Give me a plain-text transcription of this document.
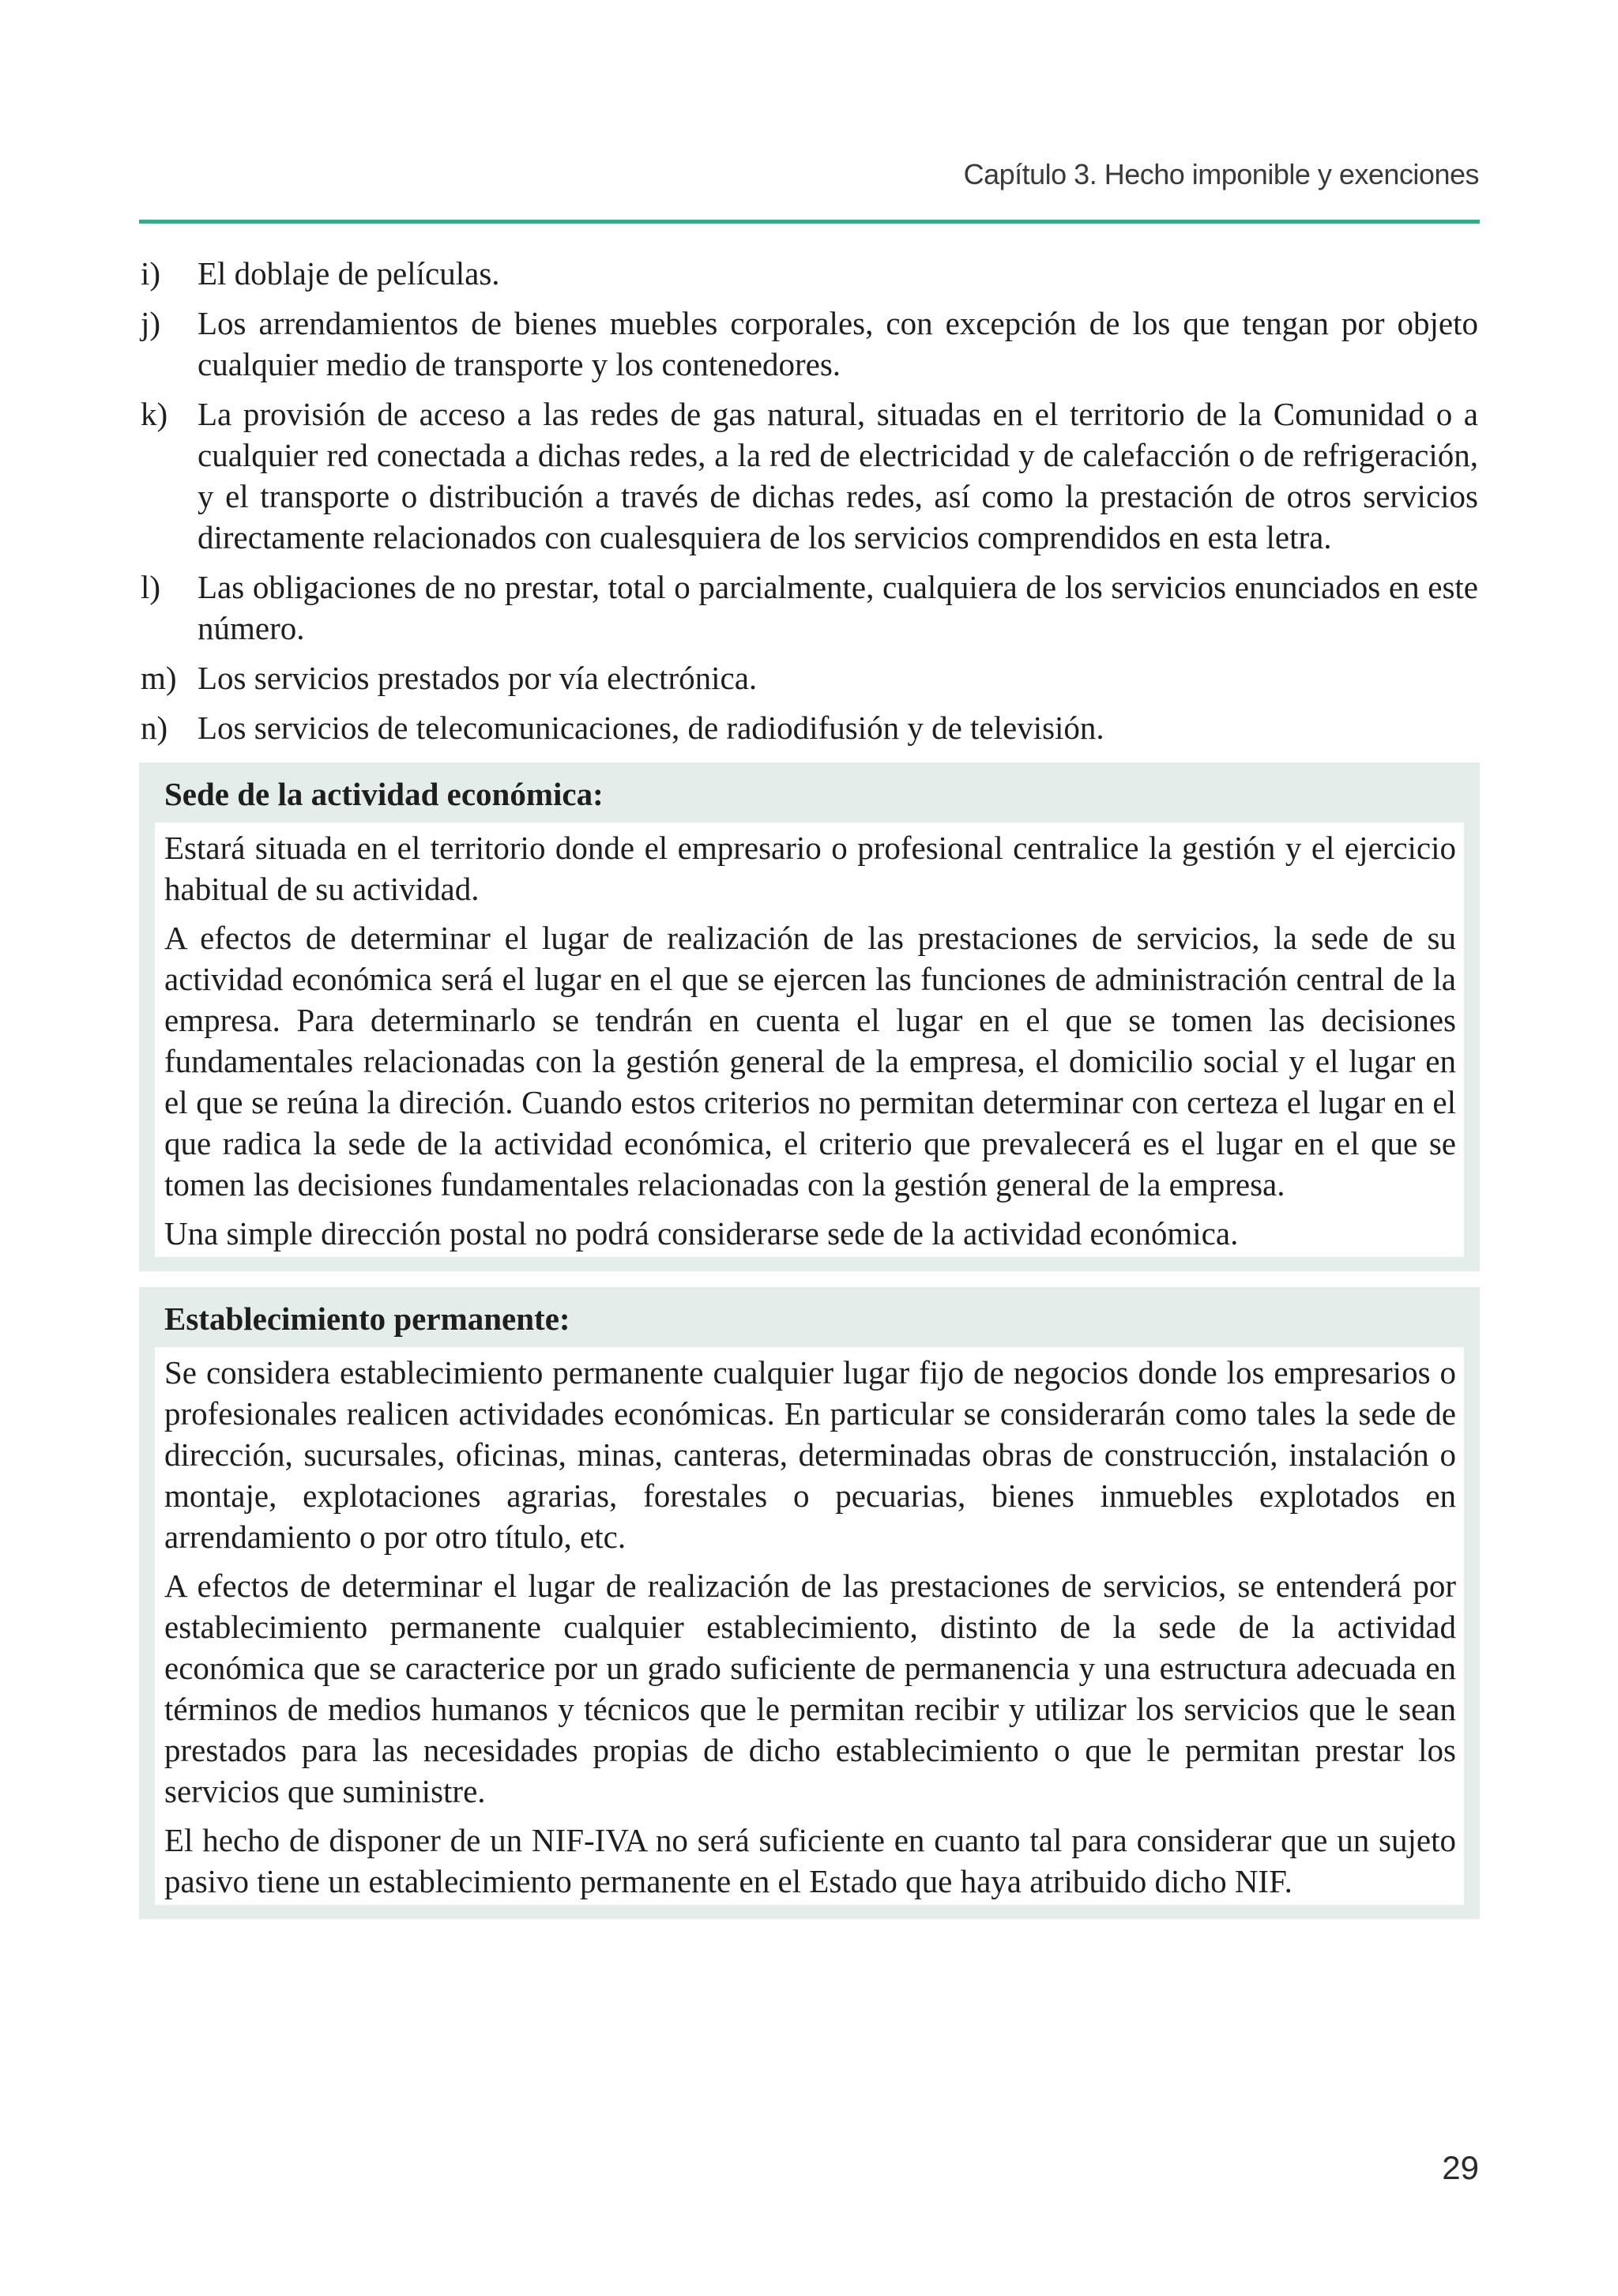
Capítulo 3. Hecho imponible y exenciones
i)	El doblaje de películas.
j)	Los arrendamientos de bienes muebles corporales, con excepción de los que tengan por objeto cualquier medio de transporte y los contenedores.
k) La provisión de acceso a las redes de gas natural, situadas en el territorio de la Comunidad o a cualquier red conectada a dichas redes, a la red de electricidad y de calefacción o de refrigeración, y el transporte o distribución a través de dichas redes, así como la prestación de otros servicios directamente relacionados con cualesquiera de los servicios comprendidos en esta letra.
l)	Las obligaciones de no prestar, total o parcialmente, cualquiera de los servicios enunciados en este número.
m) Los servicios prestados por vía electrónica.
n) Los servicios de telecomunicaciones, de radiodifusión y de televisión.
Sede de la actividad económica:

Estará situada en el territorio donde el empresario o profesional centralice la gestión y el ejercicio habitual de su actividad.

A efectos de determinar el lugar de realización de las prestaciones de servicios, la sede de su actividad económica será el lugar en el que se ejercen las funciones de administración central de la empresa. Para determinarlo se tendrán en cuenta el lugar en el que se tomen las decisiones fundamentales relacionadas con la gestión general de la empresa, el domicilio social y el lugar en el que se reúna la direción. Cuando estos criterios no permitan determinar con certeza el lugar en el que radica la sede de la actividad económica, el criterio que prevalecerá es el lugar en el que se tomen las decisiones fundamentales relacionadas con la gestión general de la empresa.

Una simple dirección postal no podrá considerarse sede de la actividad económica.

Establecimiento permanente:

Se considera establecimiento permanente cualquier lugar fijo de negocios donde los empresarios o profesionales realicen actividades económicas. En particular se considerarán como tales la sede de dirección, sucursales, oficinas, minas, canteras, determinadas obras de construcción, instalación o montaje, explotaciones agrarias, forestales o pecuarias, bienes inmuebles explotados en arrendamiento o por otro título, etc.

A efectos de determinar el lugar de realización de las prestaciones de servicios, se entenderá por establecimiento permanente cualquier establecimiento, distinto de la sede de la actividad económica que se caracterice por un grado suficiente de permanencia y una estructura adecuada en términos de medios humanos y técnicos que le permitan recibir y utilizar los servicios que le sean prestados para las necesidades propias de dicho establecimiento o que le permitan prestar los servicios que suministre.

El hecho de disponer de un NIF-IVA no será suficiente en cuanto tal para considerar que un sujeto pasivo tiene un establecimiento permanente en el Estado que haya atribuido dicho NIF.

29
